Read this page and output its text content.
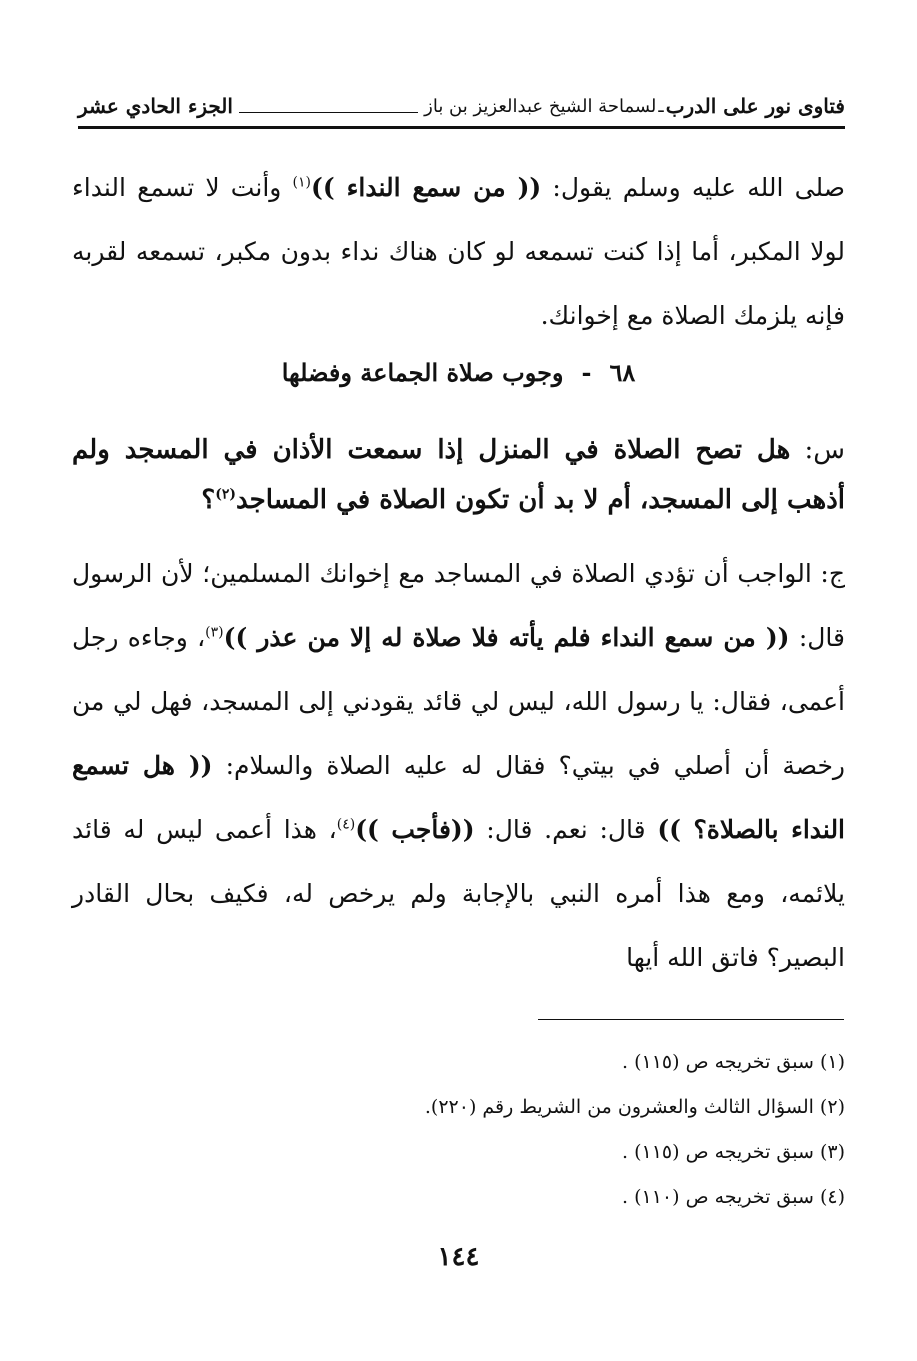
فتاوى نور على الدرب
ـ
لسماحة الشيخ عبدالعزيز بن باز
الجزء الحادي عشر
صلى الله عليه وسلم يقول: (( من سمع النداء ))$^{(١)}$ وأنت لا تسمع النداء لولا المكبر، أما إذا كنت تسمعه لو كان هناك نداء بدون مكبر، تسمعه لقربه فإنه يلزمك الصلاة مع إخوانك.
٦٨-وجوب صلاة الجماعة وفضلها
س: هل تصح الصلاة في المنزل إذا سمعت الأذان في المسجد ولم أذهب إلى المسجد، أم لا بد أن تكون الصلاة في المساجد$^{(٢)}$؟
ج: الواجب أن تؤدي الصلاة في المساجد مع إخوانك المسلمين؛ لأن الرسول قال: (( من سمع النداء فلم يأته فلا صلاة له إلا من عذر ))$^{(٣)}$، وجاءه رجل أعمى، فقال: يا رسول الله، ليس لي قائد يقودني إلى المسجد، فهل لي من رخصة أن أصلي في بيتي؟ فقال له عليه الصلاة والسلام: (( هل تسمع النداء بالصلاة؟ )) قال: نعم. قال: ((فأجب ))$^{(٤)}$، هذا أعمى ليس له قائد يلائمه، ومع هذا أمره النبي بالإجابة ولم يرخص له، فكيف بحال القادر البصير؟ فاتق الله أيها
(١) سبق تخريجه ص (١١٥) .
(٢) السؤال الثالث والعشرون من الشريط رقم (٢٢٠).
(٣) سبق تخريجه ص (١١٥) .
(٤) سبق تخريجه ص (١١٠) .
١٤٤
